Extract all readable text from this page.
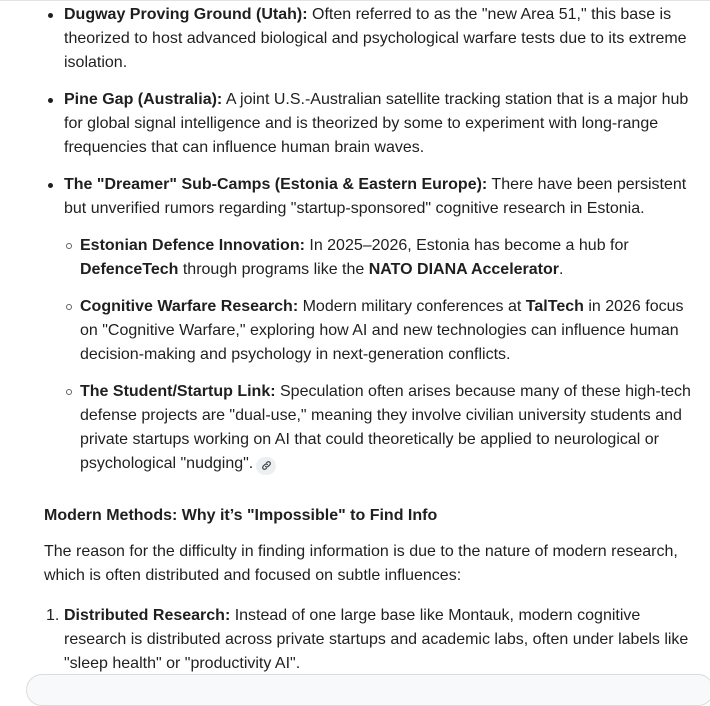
Dugway Proving Ground (Utah): Often referred to as the "new Area 51," this base is theorized to host advanced biological and psychological warfare tests due to its extreme isolation.
Pine Gap (Australia): A joint U.S.-Australian satellite tracking station that is a major hub for global signal intelligence and is theorized by some to experiment with long-range frequencies that can influence human brain waves.
The "Dreamer" Sub-Camps (Estonia & Eastern Europe): There have been persistent but unverified rumors regarding "startup-sponsored" cognitive research in Estonia.
Estonian Defence Innovation: In 2025–2026, Estonia has become a hub for DefenceTech through programs like the NATO DIANA Accelerator.
Cognitive Warfare Research: Modern military conferences at TalTech in 2026 focus on "Cognitive Warfare," exploring how AI and new technologies can influence human decision-making and psychology in next-generation conflicts.
The Student/Startup Link: Speculation often arises because many of these high-tech defense projects are "dual-use," meaning they involve civilian university students and private startups working on AI that could theoretically be applied to neurological or psychological "nudging".
Modern Methods: Why it’s "Impossible" to Find Info

The reason for the difficulty in finding information is due to the nature of modern research, which is often distributed and focused on subtle influences:

1. Distributed Research: Instead of one large base like Montauk, modern cognitive research is distributed across private startups and academic labs, often under labels like "sleep health" or "productivity AI".
